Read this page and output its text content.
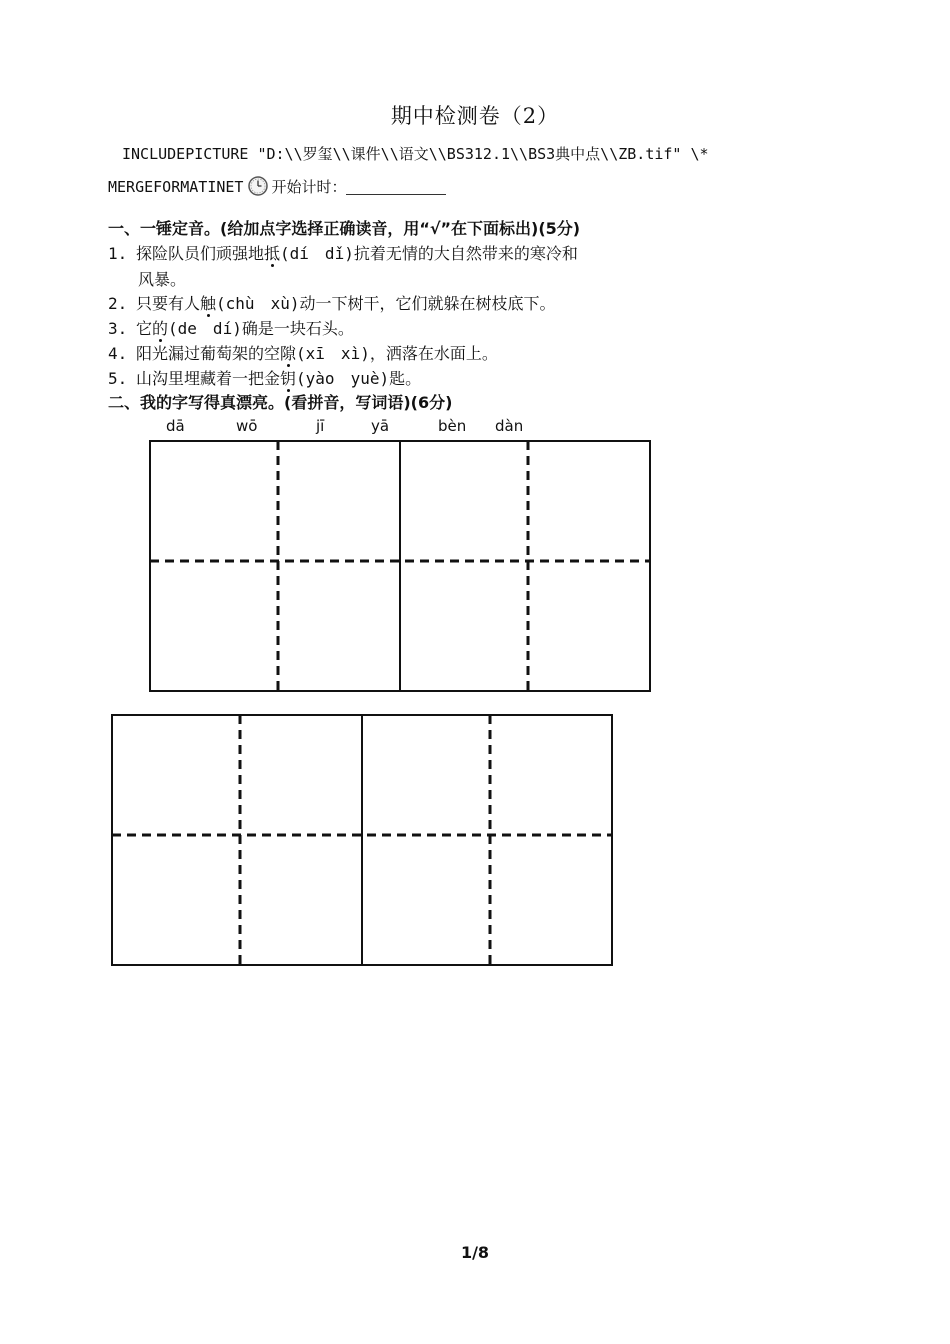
期中检测卷（2）
INCLUDEPICTURE "D:\\罗玺\\课件\\语文\\BS312.1\\BS3典中点\\ZB.tif" \*
MERGEFORMATINET 开始计时：
一、一锤定音。(给加点字选择正确读音，用“√”在下面标出)(5分)
1. 探险队员们顽强地抵(dí　dǐ)抗着无情的大自然带来的寒冷和
风暴。
2. 只要有人触(chù　xù)动一下树干，它们就躲在树枝底下。
3. 它的(de　dí)确是一块石头。
4. 阳光漏过葡萄架的空隙(xī　xì)，洒落在水面上。
5. 山沟里埋藏着一把金钥(yào　yuè)匙。
二、我的字写得真漂亮。(看拼音，写词语)(6分)
dā	wō	jī	yā	bèn dàn
1/8
